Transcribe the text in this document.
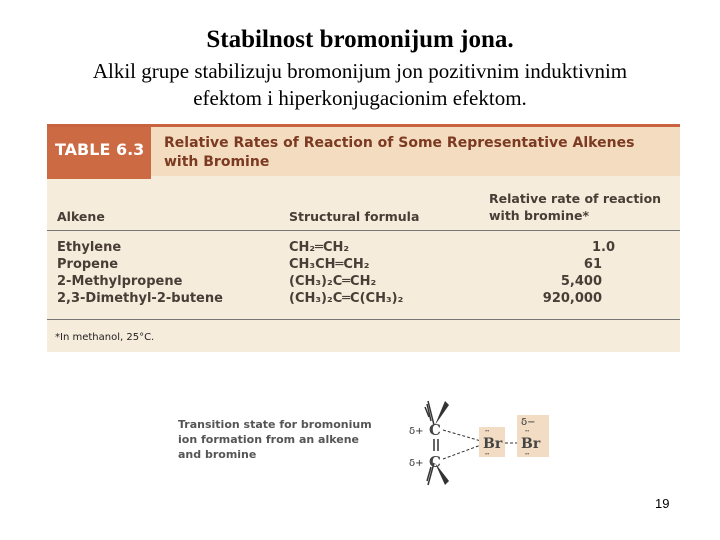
Stabilnost bromonijum jona.
Alkil grupe stabilizuju bromonijum jon pozitivnim induktivnim
efektom i hiperkonjugacionim efektom.
TABLE 6.3 Relative Rates of Reaction of Some Representative Alkenes
with Bromine
Alkene	Structural formula
Relative rate of reaction
with bromine*
Ethylene	CH₂═CH₂	1.0
Propene	CH₃CH═CH₂	61
2-Methylpropene	(CH₃)₂C═CH₂	5,400
2,3-Dimethyl-2-butene	(CH₃)₂C═C(CH₃)₂	920,000
*In methanol, 25°C.
Transition state for bromonium
ion formation from an alkene
and bromine
δ+ C
δ+ C
••
Br
••
δ−
••
Br
••
19
